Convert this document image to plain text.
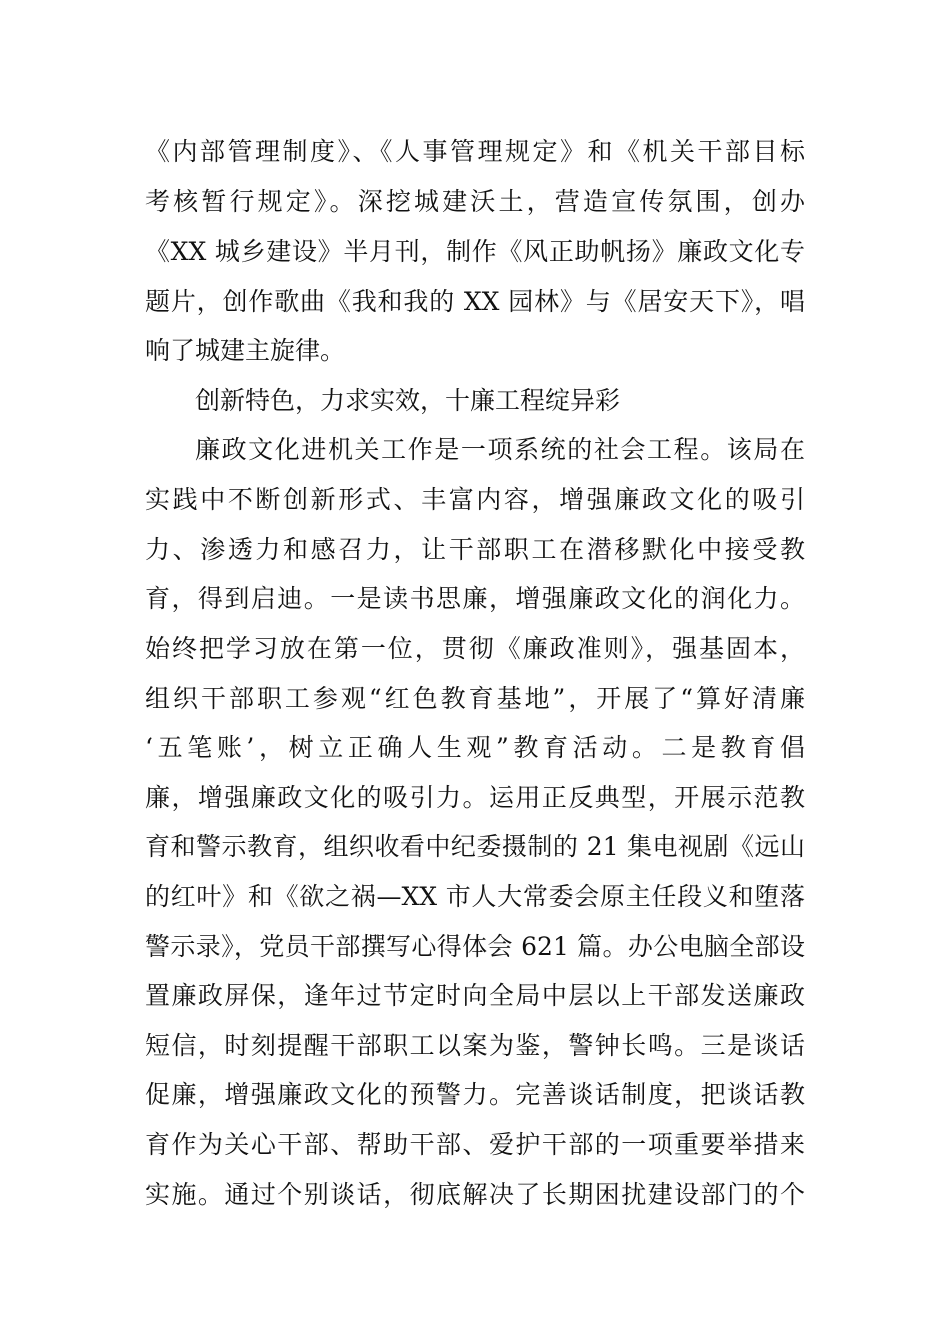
《内部管理制度》、《人事管理规定》和《机关干部目标
考核暂行规定》。深挖城建沃土，营造宣传氛围，创办
《XX 城乡建设》半月刊，制作《风正助帆扬》廉政文化专
题片，创作歌曲《我和我的 XX 园林》与《居安天下》，唱
响了城建主旋律。
创新特色，力求实效，十廉工程绽异彩
廉政文化进机关工作是一项系统的社会工程。该局在
实践中不断创新形式、丰富内容，增强廉政文化的吸引
力、渗透力和感召力，让干部职工在潜移默化中接受教
育，得到启迪。一是读书思廉，增强廉政文化的润化力。
始终把学习放在第一位，贯彻《廉政准则》，强基固本，
组织干部职工参观“红色教育基地”，开展了“算好清廉
‘五笔账’，树立正确人生观”教育活动。二是教育倡
廉，增强廉政文化的吸引力。运用正反典型，开展示范教
育和警示教育，组织收看中纪委摄制的 21 集电视剧《远山
的红叶》和《欲之祸—XX 市人大常委会原主任段义和堕落
警示录》，党员干部撰写心得体会 621 篇。办公电脑全部设
置廉政屏保，逢年过节定时向全局中层以上干部发送廉政
短信，时刻提醒干部职工以案为鉴，警钟长鸣。三是谈话
促廉，增强廉政文化的预警力。完善谈话制度，把谈话教
育作为关心干部、帮助干部、爱护干部的一项重要举措来
实施。通过个别谈话，彻底解决了长期困扰建设部门的个
